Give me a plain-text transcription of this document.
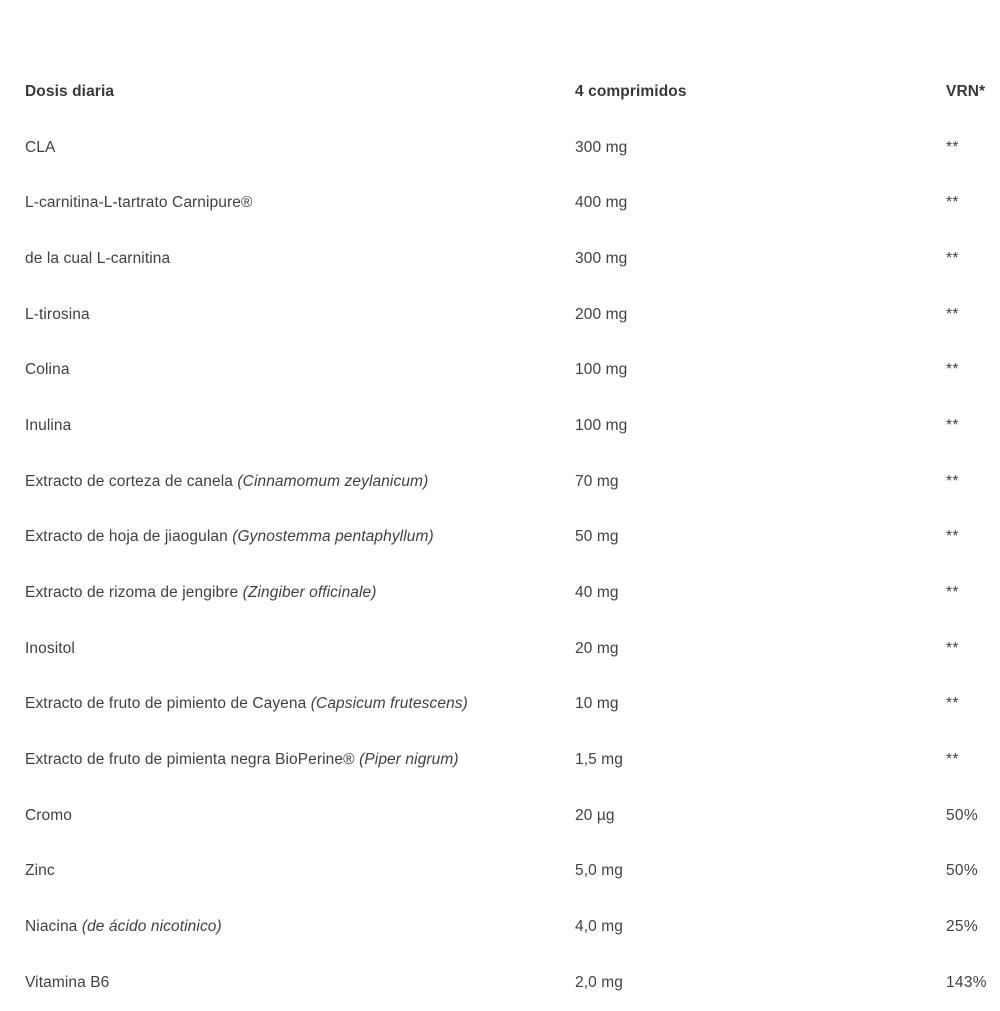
Dosis diaria	4 comprimidos	VRN*
CLA	300 mg	**
L-carnitina-L-tartrato Carnipure®	400 mg	**
de la cual L-carnitina	300 mg	**
L-tirosina	200 mg	**
Colina	100 mg	**
Inulina	100 mg	**
Extracto de corteza de canela (Cinnamomum zeylanicum)	70 mg	**
Extracto de hoja de jiaogulan (Gynostemma pentaphyllum)	50 mg	**
Extracto de rizoma de jengibre (Zingiber officinale)	40 mg	**
Inositol	20 mg	**
Extracto de fruto de pimiento de Cayena (Capsicum frutescens)	10 mg	**
Extracto de fruto de pimienta negra BioPerine® (Piper nigrum)	1,5 mg	**
Cromo	20 µg	50%
Zinc	5,0 mg	50%
Niacina (de ácido nicotinico)	4,0 mg	25%
Vitamina B6	2,0 mg	143%
